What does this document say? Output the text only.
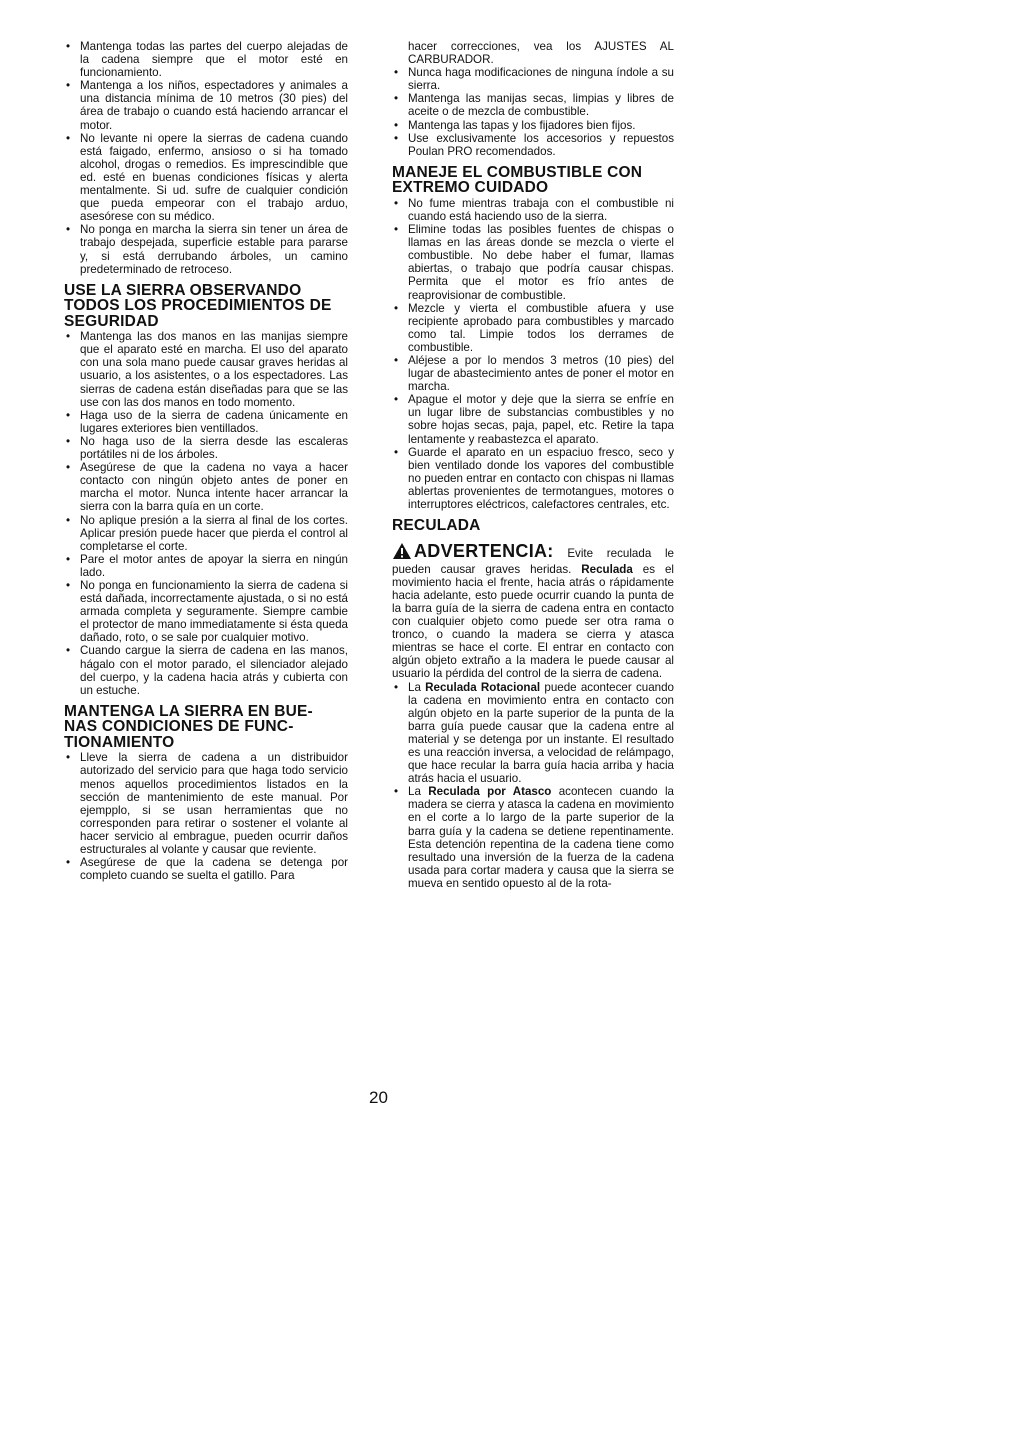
• Mantenga todas las partes del cuerpo alejadas de la cadena siempre que el motor esté en funcionamiento.

• Mantenga a los niños, espectadores y animales a una distancia mínima de 10 metros (30 pies) del área de trabajo o cuando está haciendo arrancar el motor.

• No levante ni opere la sierras de cadena cuando está faigado, enfermo, ansioso o si ha tomado alcohol, drogas o remedios. Es imprescindible que ed. esté en buenas condiciones físicas y alerta mentalmente. Si ud. sufre de cualquier condición que pueda empeorar con el trabajo arduo, asesórese con su médico.

• No ponga en marcha la sierra sin tener un área de trabajo despejada, superficie estable para pararse y, si está derrubando árboles, un camino predeterminado de retroceso.

USE LA SIERRA OBSERVANDO TODOS LOS PROCEDIMIENTOS DE SEGURIDAD

• Mantenga las dos manos en las manijas siempre que el aparato esté en marcha. El uso del aparato con una sola mano puede causar graves heridas al usuario, a los asistentes, o a los espectadores. Las sierras de cadena están diseñadas para que se las use con las dos manos en todo momento.

• Haga uso de la sierra de cadena únicamente en lugares exteriores bien ventillados.

• No haga uso de la sierra desde las escaleras portátiles ni de los árboles.

• Asegúrese de que la cadena no vaya a hacer contacto con ningún objeto antes de poner en marcha el motor. Nunca intente hacer arrancar la sierra con la barra quía en un corte.

• No aplique presión a la sierra al final de los cortes. Aplicar presión puede hacer que pierda el control al completarse el corte.

• Pare el motor antes de apoyar la sierra en ningún lado.

• No ponga en funcionamiento la sierra de cadena si está dañada, incorrectamente ajustada, o si no está armada completa y seguramente. Siempre cambie el protector de mano immediatamente si ésta queda dañado, roto, o se sale por cualquier motivo.

• Cuando cargue la sierra de cadena en las manos, hágalo con el motor parado, el silenciador alejado del cuerpo, y la cadena hacia atrás y cubierta con un estuche.

MANTENGA LA SIERRA EN BUE- NAS CONDICIONES DE FUNC- TIONAMIENTO

• Lleve la sierra de cadena a un distribuidor autorizado del servicio para que haga todo servicio menos aquellos procedimientos listados en la sección de mantenimiento de este manual. Por ejempplo, si se usan herramientas que no corresponden para retirar o sostener el volante al hacer servicio al embrague, pueden ocurrir daños estructurales al volante y causar que reviente.

• Asegúrese de que la cadena se detenga por completo cuando se suelta el gatillo. Para

hacer correcciones, vea los AJUSTES AL CARBURADOR.

• Nunca haga modificaciones de ninguna índole a su sierra.

• Mantenga las manijas secas, limpias y libres de aceite o de mezcla de combustible.

• Mantenga las tapas y los fijadores bien fijos.

• Use exclusivamente los accesorios y repuestos Poulan PRO recomendados.

MANEJE EL COMBUSTIBLE CON EXTREMO CUIDADO

• No fume mientras trabaja con el combustible ni cuando está haciendo uso de la sierra.

• Elimine todas las posibles fuentes de chispas o llamas en las áreas donde se mezcla o vierte el combustible. No debe haber el fumar, llamas abiertas, o trabajo que podría causar chispas. Permita que el motor es frío antes de reaprovisionar de combustible.

• Mezcle y vierta el combustible afuera y use recipiente aprobado para combustibles y marcado como tal. Limpie todos los derrames de combustible.

• Aléjese a por lo mendos 3 metros (10 pies) del lugar de abastecimiento antes de poner el motor en marcha.

• Apague el motor y deje que la sierra se enfríe en un lugar libre de substancias combustibles y no sobre hojas secas, paja, papel, etc. Retire la tapa lentamente y reabastezca el aparato.

• Guarde el aparato en un espaciuo fresco, seco y bien ventilado donde los vapores del combustible no pueden entrar en contacto con chispas ni llamas ablertas provenientes de termotangues, motores o interruptores eléctricos, calefactores centrales, etc.

RECULADA

ADVERTENCIA: Evite reculada le pueden causar graves heridas. Reculada es el movimiento hacia el frente, hacia atrás o rápidamente hacia adelante, esto puede ocurrir cuando la punta de la barra guía de la sierra de cadena entra en contacto con cualquier objeto como puede ser otra rama o tronco, o cuando la madera se cierra y atasca mientras se hace el corte. El entrar en contacto con algún objeto extraño a la madera le puede causar al usuario la pérdida del control de la sierra de cadena.

• La Reculada Rotacional puede acontecer cuando la cadena en movimiento entra en contacto con algún objeto en la parte superior de la punta de la barra guía puede causar que la cadena entre al material y se detenga por un instante. El resultado es una reacción inversa, a velocidad de relámpago, que hace recular la barra guía hacia arriba y hacia atrás hacia el usuario.

• La Reculada por Atasco acontecen cuando la madera se cierra y atasca la cadena en movimiento en el corte a lo largo de la parte superior de la barra guía y la cadena se detiene repentinamente. Esta detención repentina de la cadena tiene como resultado una inversión de la fuerza de la cadena usada para cortar madera y causa que la sierra se mueva en sentido opuesto al de la rota-

20
